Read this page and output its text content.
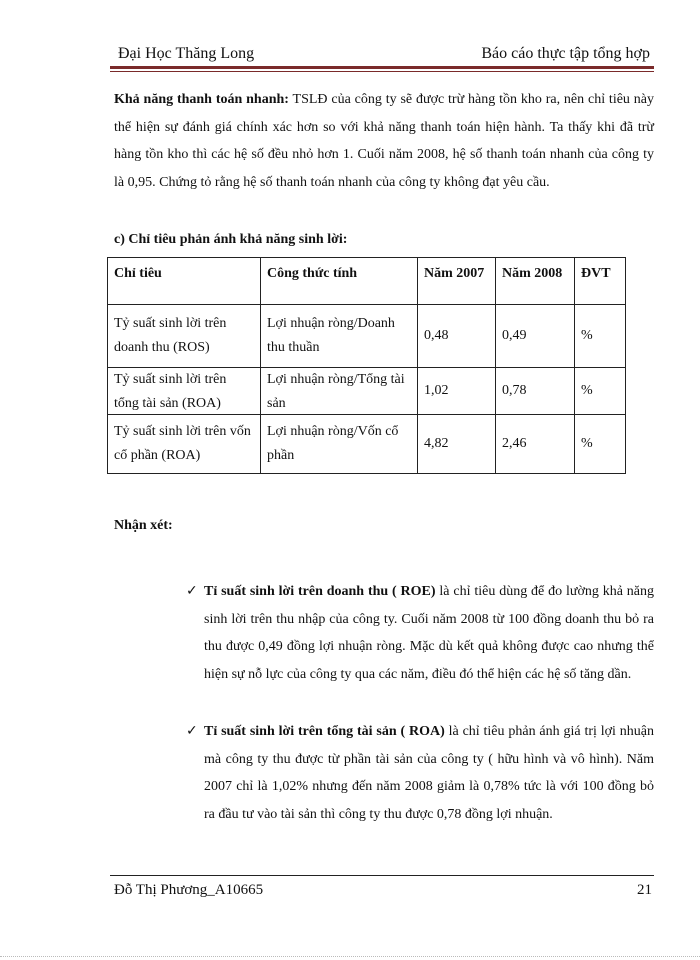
Đại Học Thăng Long	Báo cáo thực tập tổng hợp
Khả năng thanh toán nhanh: TSLĐ của công ty sẽ được trừ hàng tồn kho ra, nên chỉ tiêu này thể hiện sự đánh giá chính xác hơn so với khả năng thanh toán hiện hành. Ta thấy khi đã trừ hàng tồn kho thì các hệ số đều nhỏ hơn 1. Cuối năm 2008, hệ số thanh toán nhanh của công ty là 0,95. Chứng tỏ rằng hệ số thanh toán nhanh của công ty không đạt yêu cầu.
c) Chỉ tiêu phản ánh khả năng sinh lời:
Chỉ tiêu	Công thức tính	Năm 2007	Năm 2008	ĐVT
Tỷ suất sinh lời trên doanh thu (ROS)	Lợi nhuận ròng/Doanh thu thuần	0,48	0,49	%

Tỷ suất sinh lời trên tổng tài sản (ROA)	Lợi nhuận ròng/Tổng tài sản	1,02	0,78	%
Tỷ suất sinh lời trên vốn cổ phần (ROA)	Lợi nhuận ròng/Vốn cổ phần	4,82	2,46	%
Nhận xét:
✓ Tỉ suất sinh lời trên doanh thu ( ROE) là chỉ tiêu dùng để đo lường khả năng sinh lời trên thu nhập của công ty. Cuối năm 2008 từ 100 đồng doanh thu bỏ ra thu được 0,49 đồng lợi nhuận ròng. Mặc dù kết quả không được cao nhưng thể hiện sự nỗ lực của công ty qua các năm, điều đó thể hiện các hệ số tăng dần.
✓ Tỉ suất sinh lời trên tổng tài sản ( ROA) là chỉ tiêu phản ánh giá trị lợi nhuận mà công ty thu được từ phần tài sản của công ty ( hữu hình và vô hình). Năm 2007 chỉ là 1,02% nhưng đến năm 2008 giảm là 0,78% tức là với 100 đồng bỏ ra đầu tư vào tài sản thì công ty thu được 0,78 đồng lợi nhuận.
Đỗ Thị Phương_A10665	21
